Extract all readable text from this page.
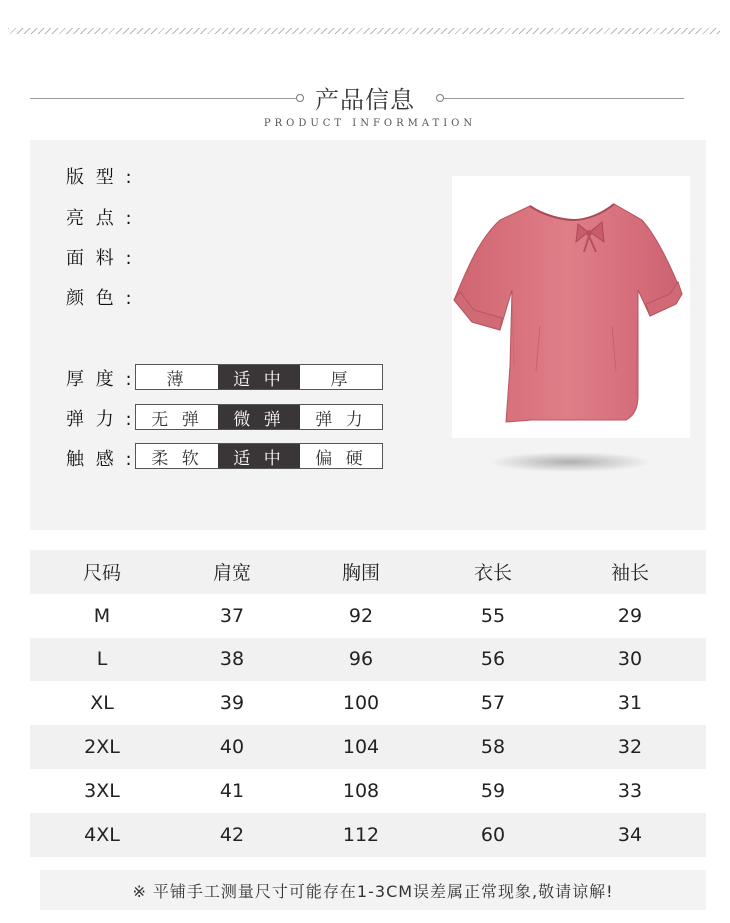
产品信息
PRODUCT INFORMATION
版 型 :
亮 点 :
面 料 :
颜 色 :
厚 度 :	薄	适 中	厚
弹 力 : 无 弹	微 弹	弹 力
触 感 : 柔 软	适 中	偏 硬
尺码	肩宽	胸围	衣长	袖长
M	37	92	55	29
L	38	96	56	30
XL	39	100	57	31
2XL	40	104	58	32
3XL	41	108	59	33
4XL	42	112	60	34
※ 平铺手工测量尺寸可能存在1-3CM误差属正常现象,敬请谅解!
